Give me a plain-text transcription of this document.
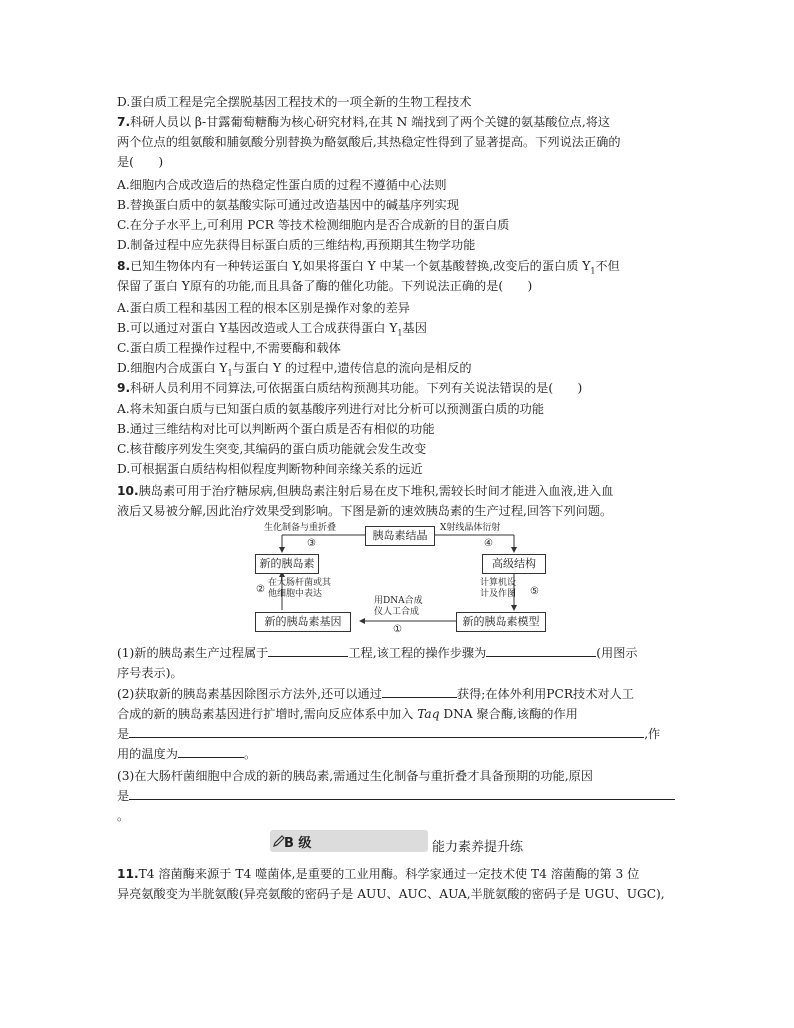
D.蛋白质工程是完全摆脱基因工程技术的一项全新的生物工程技术
7.科研人员以 β-甘露葡萄糖酶为核心研究材料,在其 N 端找到了两个关键的氨基酸位点,将这
两个位点的组氨酸和脯氨酸分别替换为酪氨酸后,其热稳定性得到了显著提高。下列说法正确的
是(　　)
A.细胞内合成改造后的热稳定性蛋白质的过程不遵循中心法则
B.替换蛋白质中的氨基酸实际可通过改造基因中的碱基序列实现
C.在分子水平上,可利用 PCR 等技术检测细胞内是否合成新的目的蛋白质
D.制备过程中应先获得目标蛋白质的三维结构,再预期其生物学功能
8.已知生物体内有一种转运蛋白 Y,如果将蛋白 Y 中某一个氨基酸替换,改变后的蛋白质 $Y_1$不但
保留了蛋白 Y原有的功能,而且具备了酶的催化功能。下列说法正确的是(　　)
A.蛋白质工程和基因工程的根本区别是操作对象的差异
B.可以通过对蛋白 Y基因改造或人工合成获得蛋白 $Y_1$基因
C.蛋白质工程操作过程中,不需要酶和载体
D.细胞内合成蛋白 $Y_1$与蛋白 Y 的过程中,遗传信息的流向是相反的
9.科研人员利用不同算法,可依据蛋白质结构预测其功能。下列有关说法错误的是(　　)
A.将未知蛋白质与已知蛋白质的氨基酸序列进行对比分析可以预测蛋白质的功能
B.通过三维结构对比可以判断两个蛋白质是否有相似的功能
C.核苷酸序列发生突变,其编码的蛋白质功能就会发生改变
D.可根据蛋白质结构相似程度判断物种间亲缘关系的远近
10.胰岛素可用于治疗糖尿病,但胰岛素注射后易在皮下堆积,需较长时间才能进入血液,进入血
液后又易被分解,因此治疗效果受到影响。下图是新的速效胰岛素的生产过程,回答下列问题。
胰岛素结晶
新的胰岛素	高级结构
新的胰岛素基因	新的胰岛素模型
生化制备与重折叠	X射线晶体衍射
③	④
②
在大肠杆菌或其
他细胞中表达
计算机设
计及作图 ⑤
用DNA合成
仪人工合成
①
(1)新的胰岛素生产过程属于	工程,该工程的操作步骤为	(用图示
序号表示)。
(2)获取新的胰岛素基因除图示方法外,还可以通过	获得;在体外利用PCR技术对人工
合成的新的胰岛素基因进行扩增时,需向反应体系中加入 Taq DNA 聚合酶,该酶的作用
是	,作
用的温度为	。
(3)在大肠杆菌细胞中合成的新的胰岛素,需通过生化制备与重折叠才具备预期的功能,原因
是
。
B 级	能力素养提升练
11.T4 溶菌酶来源于 T4 噬菌体,是重要的工业用酶。科学家通过一定技术使 T4 溶菌酶的第 3 位
异亮氨酸变为半胱氨酸(异亮氨酸的密码子是 AUU、AUC、AUA,半胱氨酸的密码子是 UGU、UGC),
